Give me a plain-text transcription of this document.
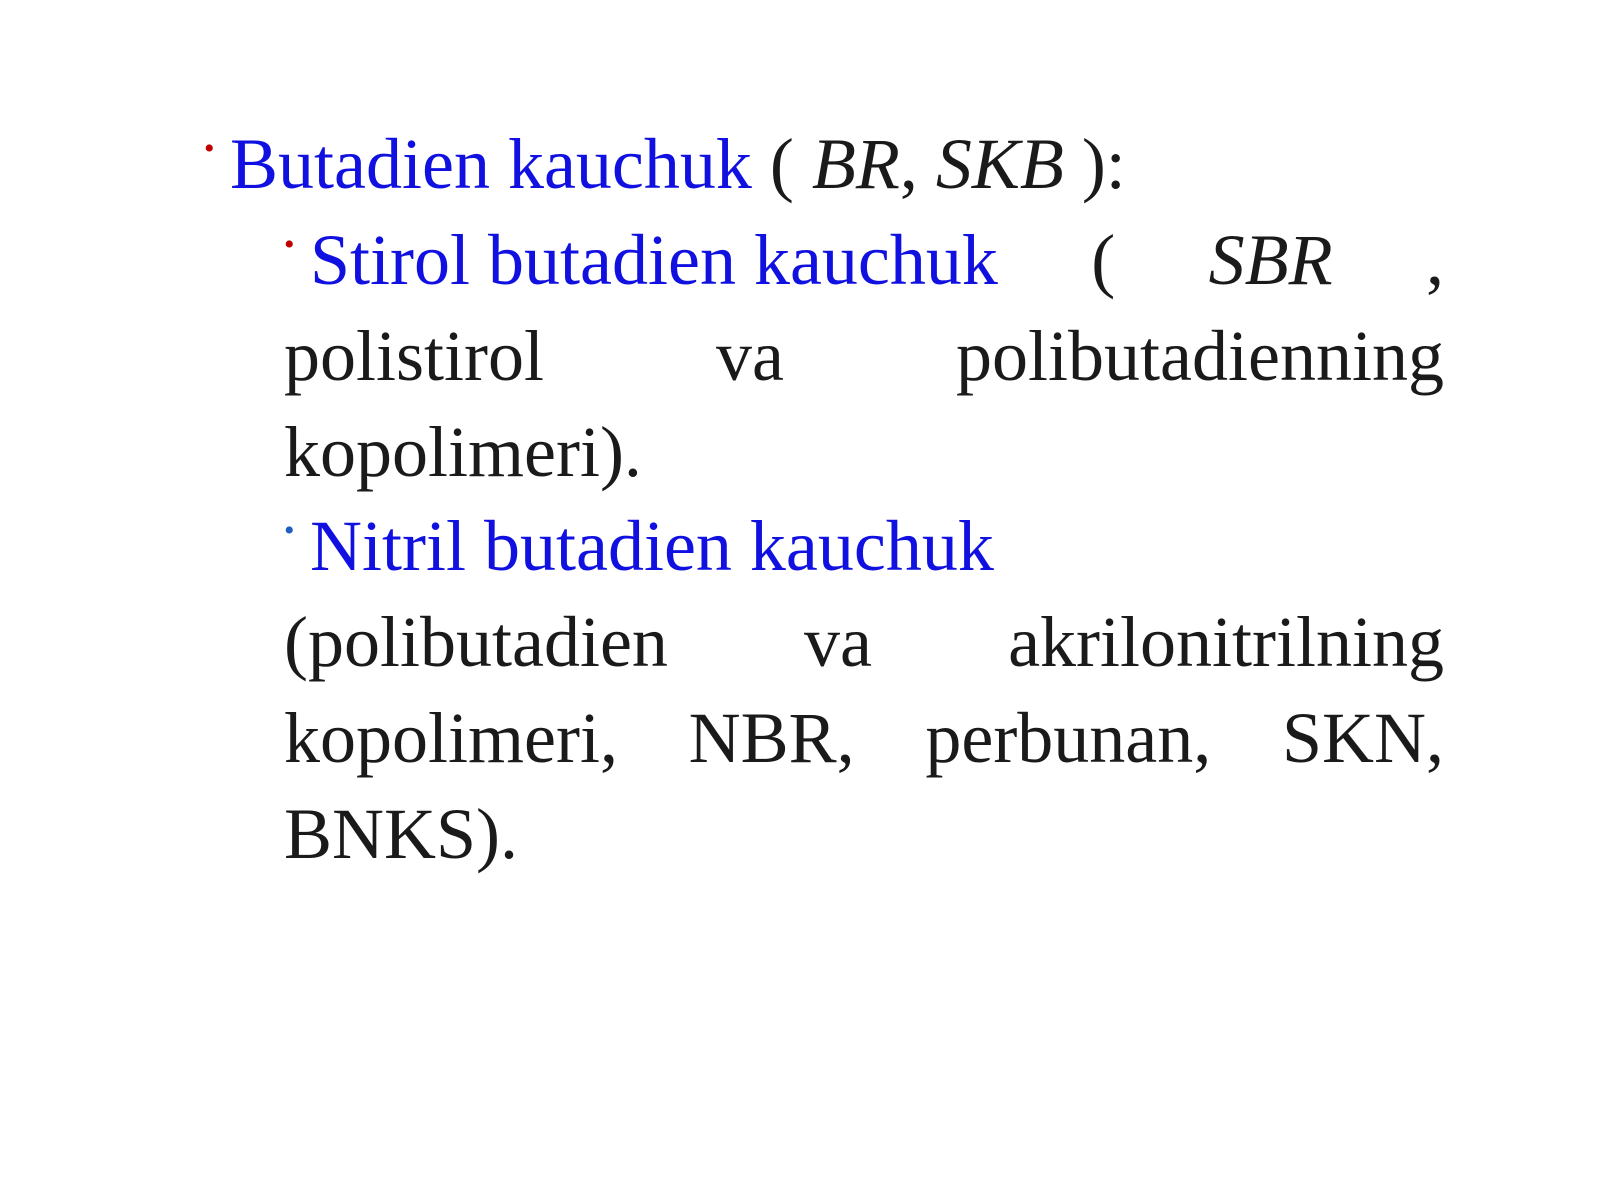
• Butadien kauchuk ( BR, SKB ):
• Stirol butadien kauchuk ( SBR ,
polistirol va polibutadienning
kopolimeri).
• Nitril butadien kauchuk
(polibutadien va akrilonitrilning
kopolimeri, NBR, perbunan, SKN,
BNKS).
